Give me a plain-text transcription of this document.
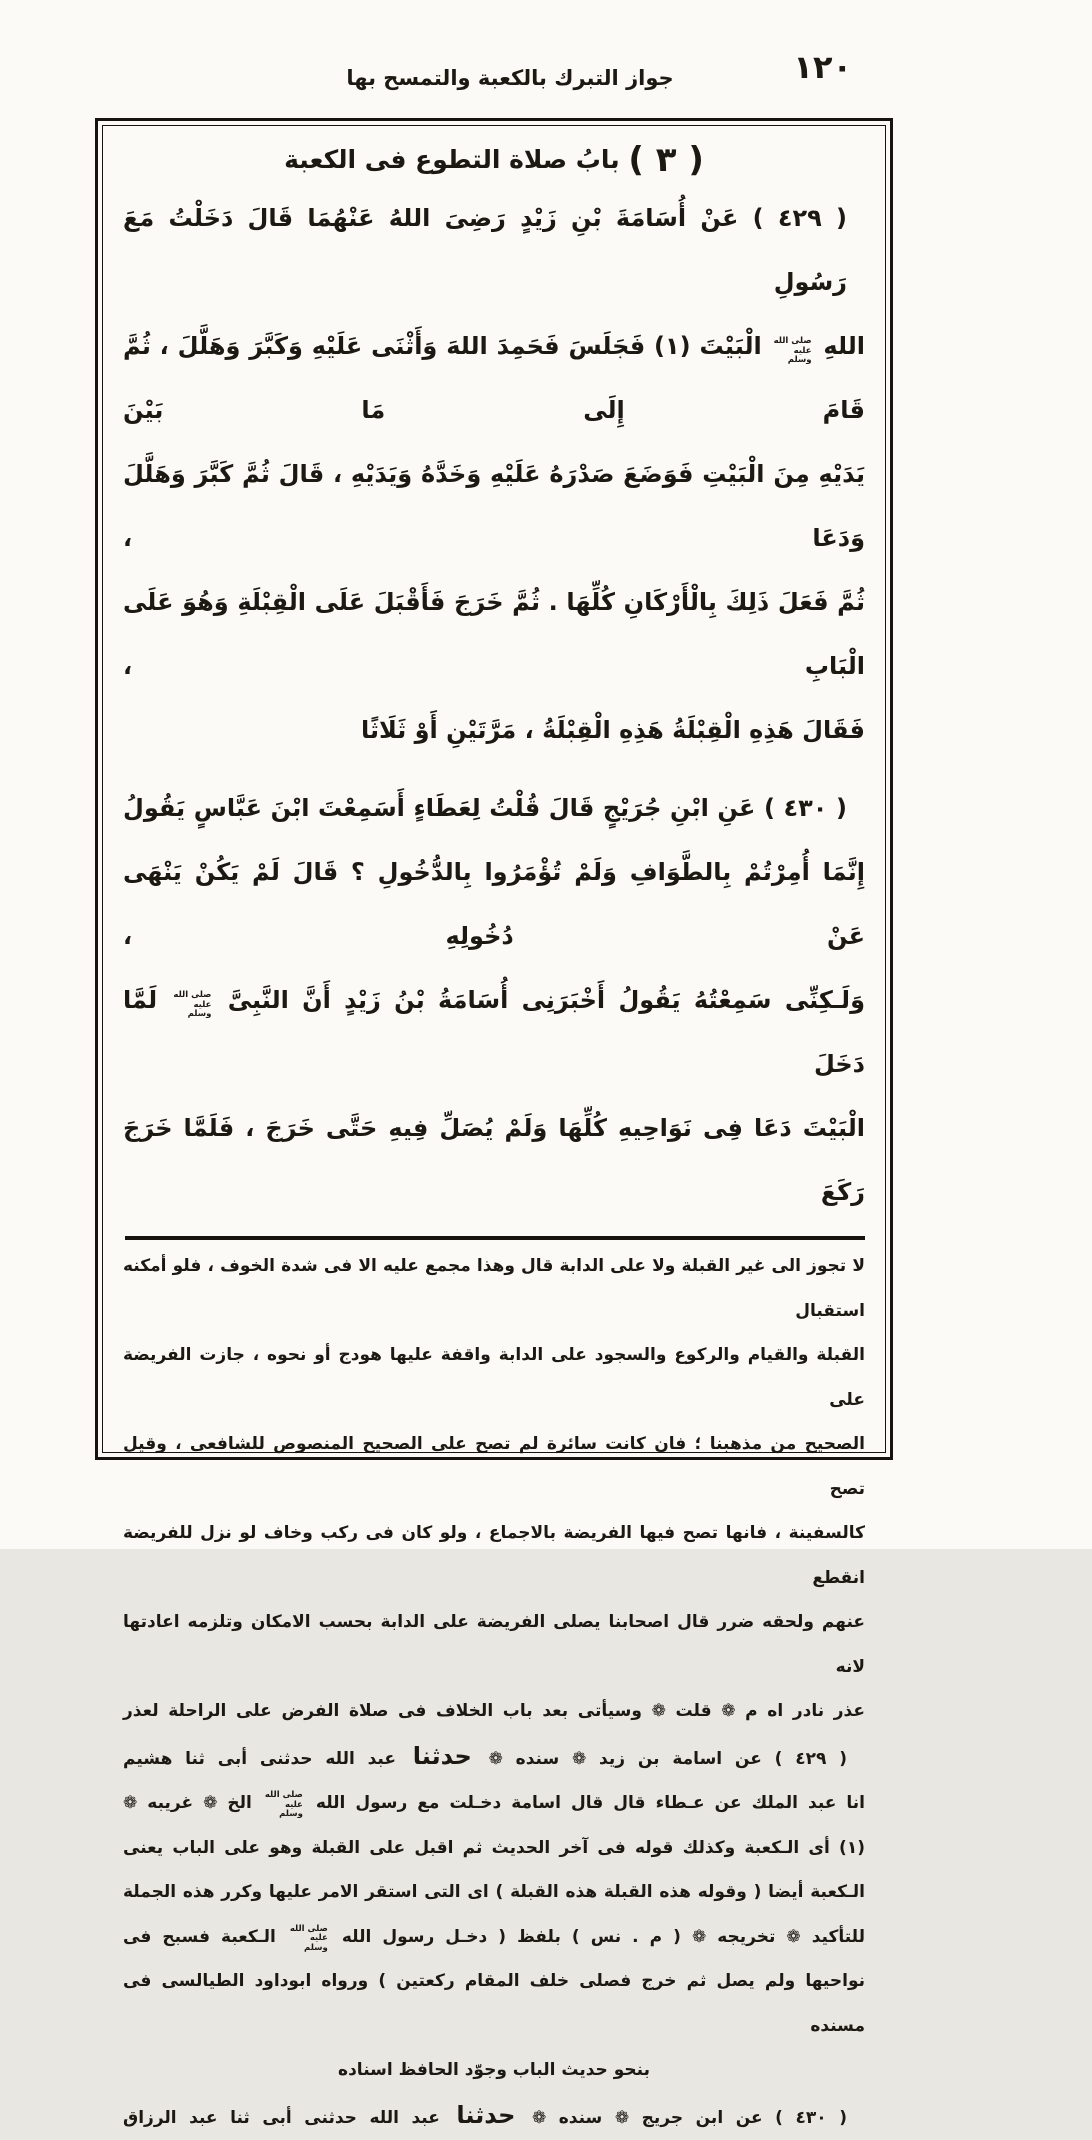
جواز التبرك بالكعبة والتمسح بها	١٢٠
( ٣ ) بابُ صلاة التطوع فى الكعبة
( ٤٢٩ ) عَنْ أُسَامَةَ بْنِ زَيْدٍ رَضِىَ اللهُ عَنْهُمَا قَالَ دَخَلْتُ مَعَ رَسُولِ
اللهِ
صلى الله
عليه
وسلم
الْبَيْتَ (١) فَجَلَسَ فَحَمِدَ اللهَ وَأَثْنَى عَلَيْهِ وَكَبَّرَ وَهَلَّلَ ، ثُمَّ قَامَ إِلَى مَا بَيْنَ
يَدَيْهِ مِنَ الْبَيْتِ فَوَضَعَ صَدْرَهُ عَلَيْهِ وَخَدَّهُ وَيَدَيْهِ ، قَالَ ثُمَّ كَبَّرَ وَهَلَّلَ وَدَعَا ،
ثُمَّ فَعَلَ ذَلِكَ بِالْأَرْكَانِ كُلِّهَا . ثُمَّ خَرَجَ فَأَقْبَلَ عَلَى الْقِبْلَةِ وَهُوَ عَلَى الْبَابِ ،
فَقَالَ هَذِهِ الْقِبْلَةُ هَذِهِ الْقِبْلَةُ ، مَرَّتَيْنِ أَوْ ثَلَاثًا
( ٤٣٠ ) عَنِ ابْنِ جُرَيْجٍ قَالَ قُلْتُ لِعَطَاءٍ أَسَمِعْتَ ابْنَ عَبَّاسٍ يَقُولُ
إِنَّمَا أُمِرْتُمْ بِالطَّوَافِ وَلَمْ تُؤْمَرُوا بِالدُّخُولِ ؟ قَالَ لَمْ يَكُنْ يَنْهَى عَنْ دُخُولِهِ ،
وَلَـكِنِّى سَمِعْتُهُ يَقُولُ أَخْبَرَنِى أُسَامَةُ بْنُ زَيْدٍ أَنَّ النَّبِىَّ
صلى الله
عليه
وسلم
لَمَّا دَخَلَ
الْبَيْتَ دَعَا فِى نَوَاحِيهِ كُلِّهَا وَلَمْ يُصَلِّ فِيهِ حَتَّى خَرَجَ ، فَلَمَّا خَرَجَ رَكَعَ
لا تجوز الى غير القبلة ولا على الدابة قال وهذا مجمع عليه الا فى شدة الخوف ، فلو أمكنه استقبال
القبلة والقيام والركوع والسجود على الدابة واقفة عليها هودج أو نحوه ، جازت الفريضة على
الصحيح من مذهبنا ؛ فان كانت سائرة لم تصح على الصحيح المنصوص للشافعى ، وقيل تصح
كالسفينة ، فانها تصح فيها الفريضة بالاجماع ، ولو كان فى ركب وخاف لو نزل للفريضة انقطع
عنهم ولحقه ضرر قال اصحابنا يصلى الفريضة على الدابة بحسب الامكان وتلزمه اعادتها لانه
عذر نادر اه م ❁ قلت ❁ وسيأتى بعد باب الخلاف فى صلاة الفرض على الراحلة لعذر
( ٤٢٩ ) عن اسامة بن زيد ❁ سنده ❁ حدثنا عبد الله حدثنى أبى ثنا هشيم
انا عبد الملك عن عـطاء قال قال اسامة دخـلت مع رسول الله
صلى الله
عليه
وسلم
الخ ❁ غريبه ❁
(١) أى الـكعبة وكذلك قوله فى آخر الحديث ثم اقبل على القبلة وهو على الباب يعنى
الـكعبة أيضا ( وقوله هذه القبلة هذه القبلة ) اى التى استقر الامر عليها وكرر هذه الجملة
للتأكيد ❁ تخريجه ❁ ( م . نس ) بلفظ ( دخـل رسول الله
صلى الله
عليه
وسلم
الـكعبة فسبح فى
نواحيها ولم يصل ثم خرج فصلى خلف المقام ركعتين ) ورواه ابوداود الطيالسى فى مسنده
بنحو حديث الباب وجوّد الحافظ اسناده
( ٤٣٠ ) عن ابن جريج ❁ سنده ❁ حدثنا عبد الله حدثنى أبى ثنا عبد الرزاق
